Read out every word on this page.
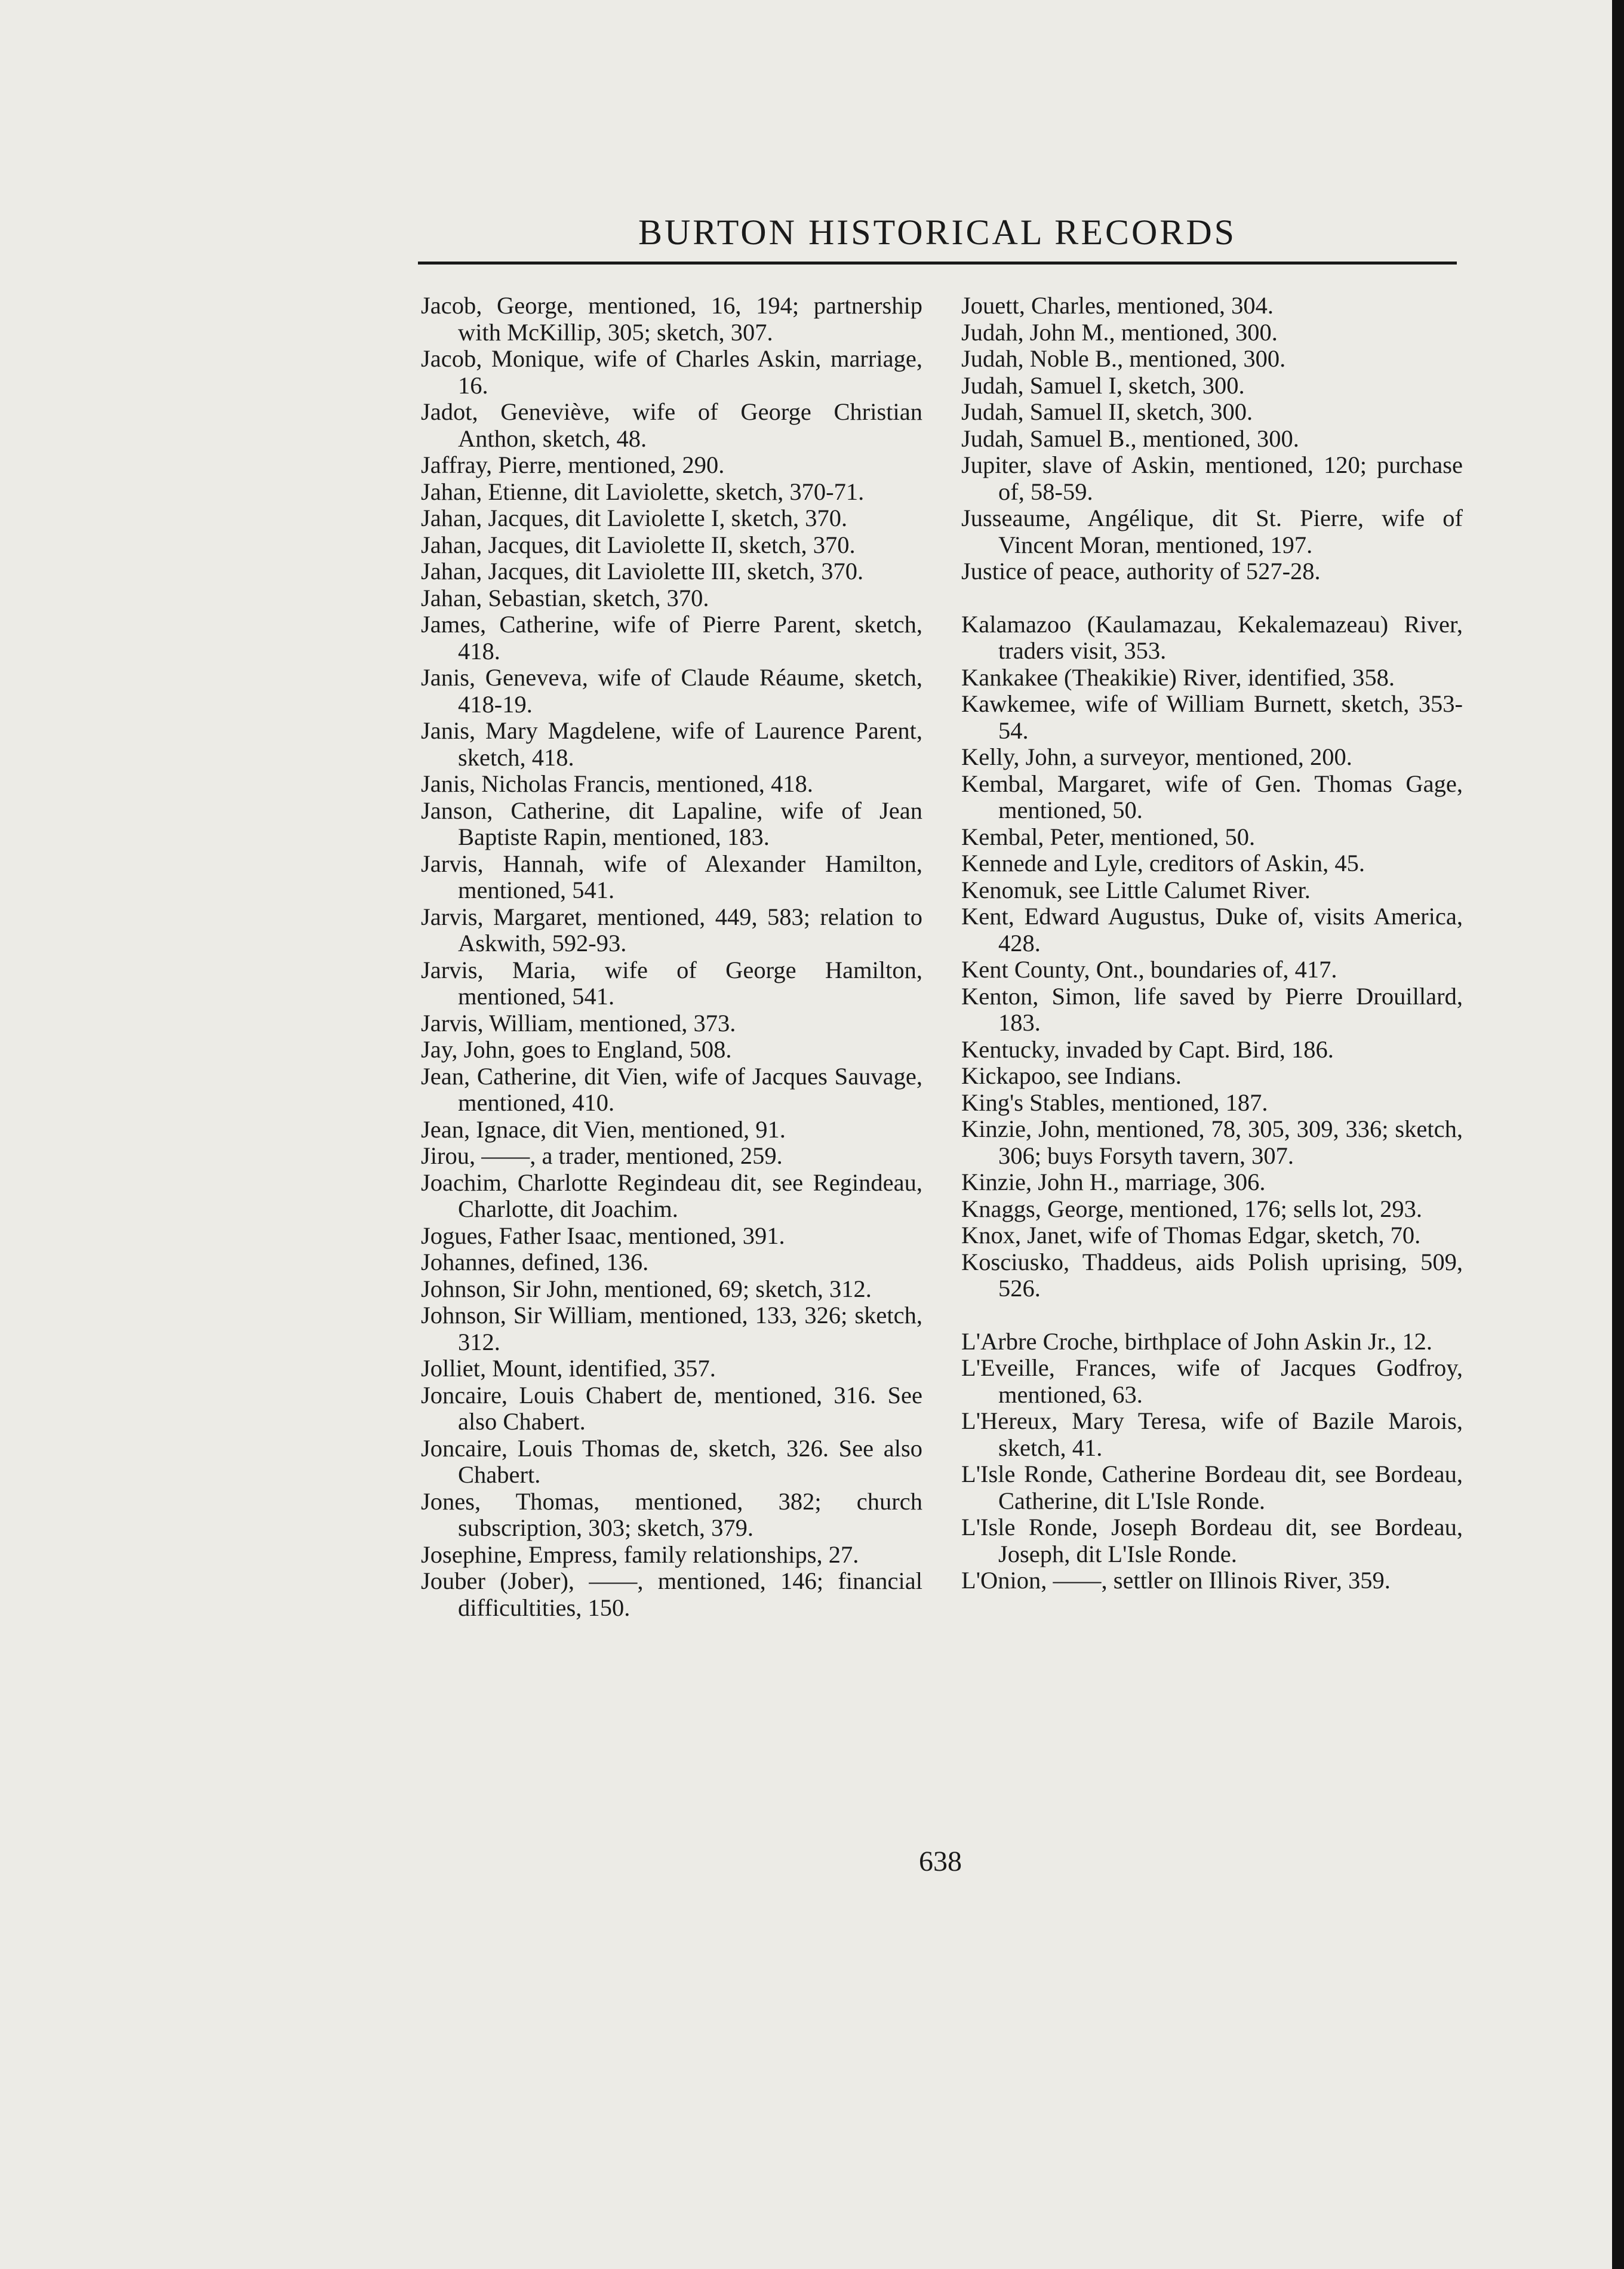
BURTON HISTORICAL RECORDS
Jacob, George, mentioned, 16, 194; partnership with McKillip, 305; sketch, 307.
Jacob, Monique, wife of Charles Askin, marriage, 16.
Jadot, Geneviève, wife of George Christian Anthon, sketch, 48.
Jaffray, Pierre, mentioned, 290.
Jahan, Etienne, dit Laviolette, sketch, 370-71.
Jahan, Jacques, dit Laviolette I, sketch, 370.
Jahan, Jacques, dit Laviolette II, sketch, 370.
Jahan, Jacques, dit Laviolette III, sketch, 370.
Jahan, Sebastian, sketch, 370.
James, Catherine, wife of Pierre Parent, sketch, 418.
Janis, Geneveva, wife of Claude Réaume, sketch, 418-19.
Janis, Mary Magdelene, wife of Laurence Parent, sketch, 418.
Janis, Nicholas Francis, mentioned, 418.
Janson, Catherine, dit Lapaline, wife of Jean Baptiste Rapin, mentioned, 183.
Jarvis, Hannah, wife of Alexander Hamilton, mentioned, 541.
Jarvis, Margaret, mentioned, 449, 583; relation to Askwith, 592-93.
Jarvis, Maria, wife of George Hamilton, mentioned, 541.
Jarvis, William, mentioned, 373.
Jay, John, goes to England, 508.
Jean, Catherine, dit Vien, wife of Jacques Sauvage, mentioned, 410.
Jean, Ignace, dit Vien, mentioned, 91.
Jirou, ——, a trader, mentioned, 259.
Joachim, Charlotte Regindeau dit, see Regindeau, Charlotte, dit Joachim.
Jogues, Father Isaac, mentioned, 391.
Johannes, defined, 136.
Johnson, Sir John, mentioned, 69; sketch, 312.
Johnson, Sir William, mentioned, 133, 326; sketch, 312.
Jolliet, Mount, identified, 357.
Joncaire, Louis Chabert de, mentioned, 316. See also Chabert.
Joncaire, Louis Thomas de, sketch, 326. See also Chabert.
Jones, Thomas, mentioned, 382; church subscription, 303; sketch, 379.
Josephine, Empress, family relationships, 27.
Jouber (Jober), ——, mentioned, 146; financial difficultities, 150.
Jouett, Charles, mentioned, 304.
Judah, John M., mentioned, 300.
Judah, Noble B., mentioned, 300.
Judah, Samuel I, sketch, 300.
Judah, Samuel II, sketch, 300.
Judah, Samuel B., mentioned, 300.
Jupiter, slave of Askin, mentioned, 120; purchase of, 58-59.
Jusseaume, Angélique, dit St. Pierre, wife of Vincent Moran, mentioned, 197.
Justice of peace, authority of 527-28.
Kalamazoo (Kaulamazau, Kekalemazeau) River, traders visit, 353.
Kankakee (Theakikie) River, identified, 358.
Kawkemee, wife of William Burnett, sketch, 353-54.
Kelly, John, a surveyor, mentioned, 200.
Kembal, Margaret, wife of Gen. Thomas Gage, mentioned, 50.
Kembal, Peter, mentioned, 50.
Kennede and Lyle, creditors of Askin, 45.
Kenomuk, see Little Calumet River.
Kent, Edward Augustus, Duke of, visits America, 428.
Kent County, Ont., boundaries of, 417.
Kenton, Simon, life saved by Pierre Drouillard, 183.
Kentucky, invaded by Capt. Bird, 186.
Kickapoo, see Indians.
King's Stables, mentioned, 187.
Kinzie, John, mentioned, 78, 305, 309, 336; sketch, 306; buys Forsyth tavern, 307.
Kinzie, John H., marriage, 306.
Knaggs, George, mentioned, 176; sells lot, 293.
Knox, Janet, wife of Thomas Edgar, sketch, 70.
Kosciusko, Thaddeus, aids Polish uprising, 509, 526.
L'Arbre Croche, birthplace of John Askin Jr., 12.
L'Eveille, Frances, wife of Jacques Godfroy, mentioned, 63.
L'Hereux, Mary Teresa, wife of Bazile Marois, sketch, 41.
L'Isle Ronde, Catherine Bordeau dit, see Bordeau, Catherine, dit L'Isle Ronde.
L'Isle Ronde, Joseph Bordeau dit, see Bordeau, Joseph, dit L'Isle Ronde.
L'Onion, ——, settler on Illinois River, 359.
638
